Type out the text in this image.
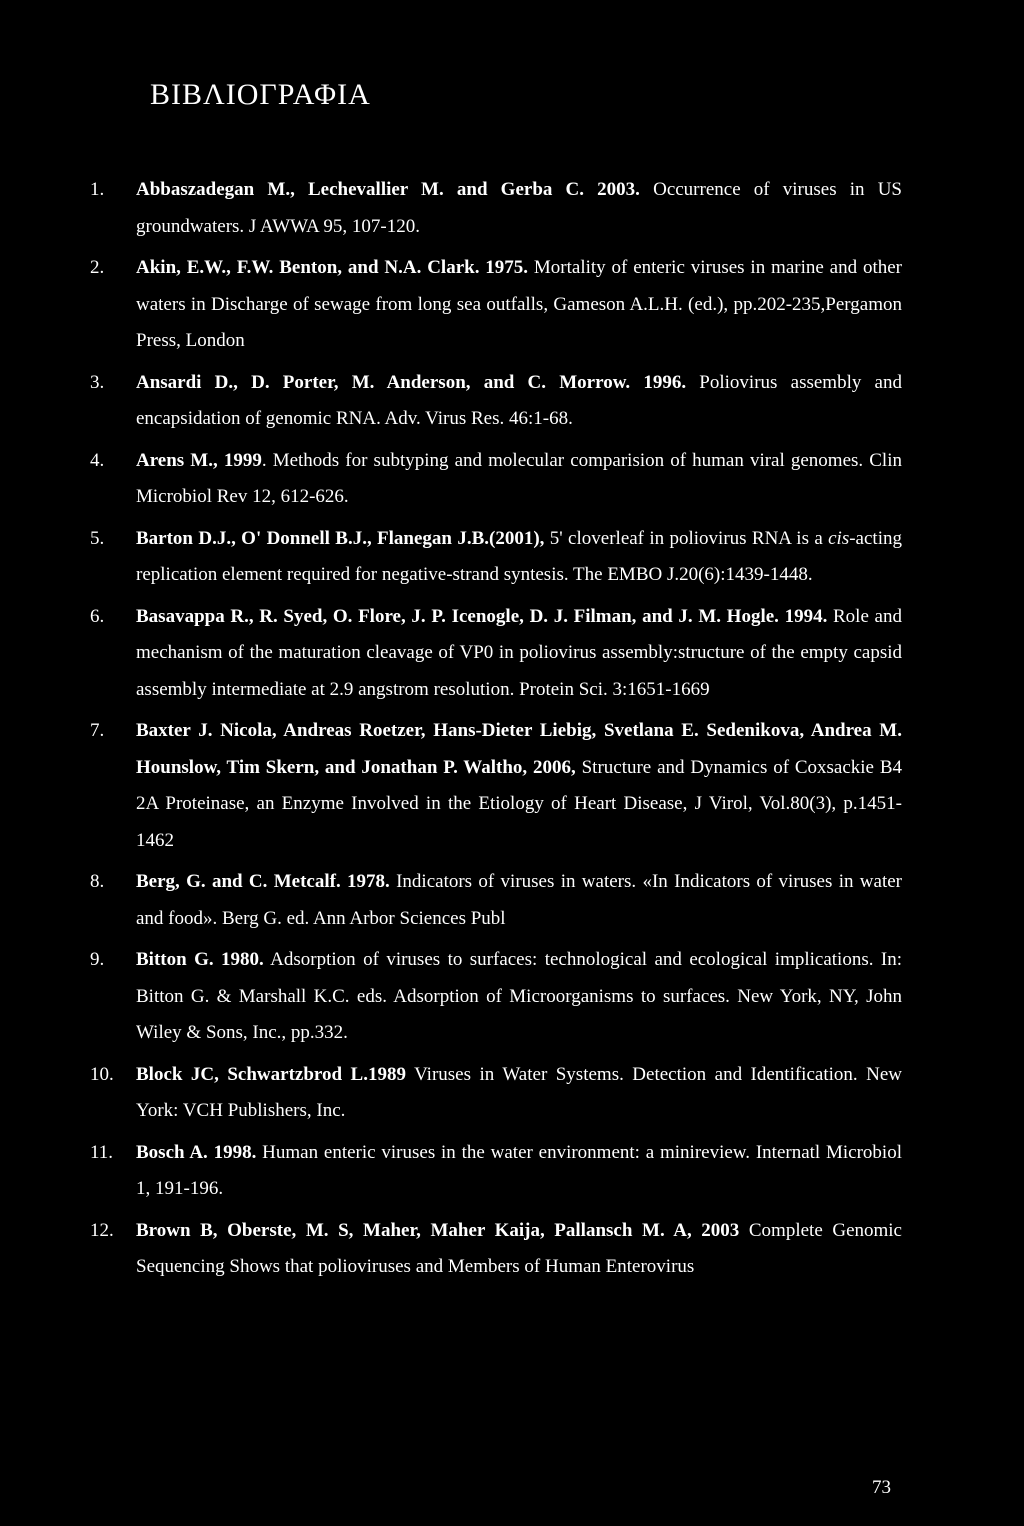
ΒΙΒΛΙΟΓΡΑΦΙΑ
1. Abbaszadegan M., Lechevallier M. and Gerba C. 2003. Occurrence of viruses in US groundwaters. J AWWA 95, 107-120.
2. Akin, E.W., F.W. Benton, and N.A. Clark. 1975. Mortality of enteric viruses in marine and other waters in Discharge of sewage from long sea outfalls, Gameson A.L.H. (ed.), pp.202-235,Pergamon Press, London
3. Ansardi D., D. Porter, M. Anderson, and C. Morrow. 1996. Poliovirus assembly and encapsidation of genomic RNA. Adv. Virus Res. 46:1-68.
4. Arens M., 1999. Methods for subtyping and molecular comparision of human viral genomes. Clin Microbiol Rev 12, 612-626.
5. Barton D.J., O' Donnell B.J., Flanegan J.B.(2001), 5' cloverleaf in poliovirus RNA is a cis-acting replication element required for negative-strand syntesis. The EMBO J.20(6):1439-1448.
6. Basavappa R., R. Syed, O. Flore, J. P. Icenogle, D. J. Filman, and J. M. Hogle. 1994. Role and mechanism of the maturation cleavage of VP0 in poliovirus assembly:structure of the empty capsid assembly intermediate at 2.9 angstrom resolution. Protein Sci. 3:1651-1669
7. Baxter J. Nicola, Andreas Roetzer, Hans-Dieter Liebig, Svetlana E. Sedenikova, Andrea M. Hounslow, Tim Skern, and Jonathan P. Waltho, 2006, Structure and Dynamics of Coxsackie B4 2A Proteinase, an Enzyme Involved in the Etiology of Heart Disease, J Virol, Vol.80(3), p.1451-1462
8. Berg, G. and C. Metcalf. 1978. Indicators of viruses in waters. «In Indicators of viruses in water and food». Berg G. ed. Ann Arbor Sciences Publ
9. Bitton G. 1980. Adsorption of viruses to surfaces: technological and ecological implications. In: Bitton G. & Marshall K.C. eds. Adsorption of Microorganisms to surfaces. New York, NY, John Wiley & Sons, Inc., pp.332.
10. Block JC, Schwartzbrod L.1989 Viruses in Water Systems. Detection and Identification. New York: VCH Publishers, Inc.
11. Bosch A. 1998. Human enteric viruses in the water environment: a minireview. Internatl Microbiol 1, 191-196.
12. Brown B, Oberste, M. S, Maher, Maher Kaija, Pallansch M. A, 2003 Complete Genomic Sequencing Shows that polioviruses and Members of Human Enterovirus
73
